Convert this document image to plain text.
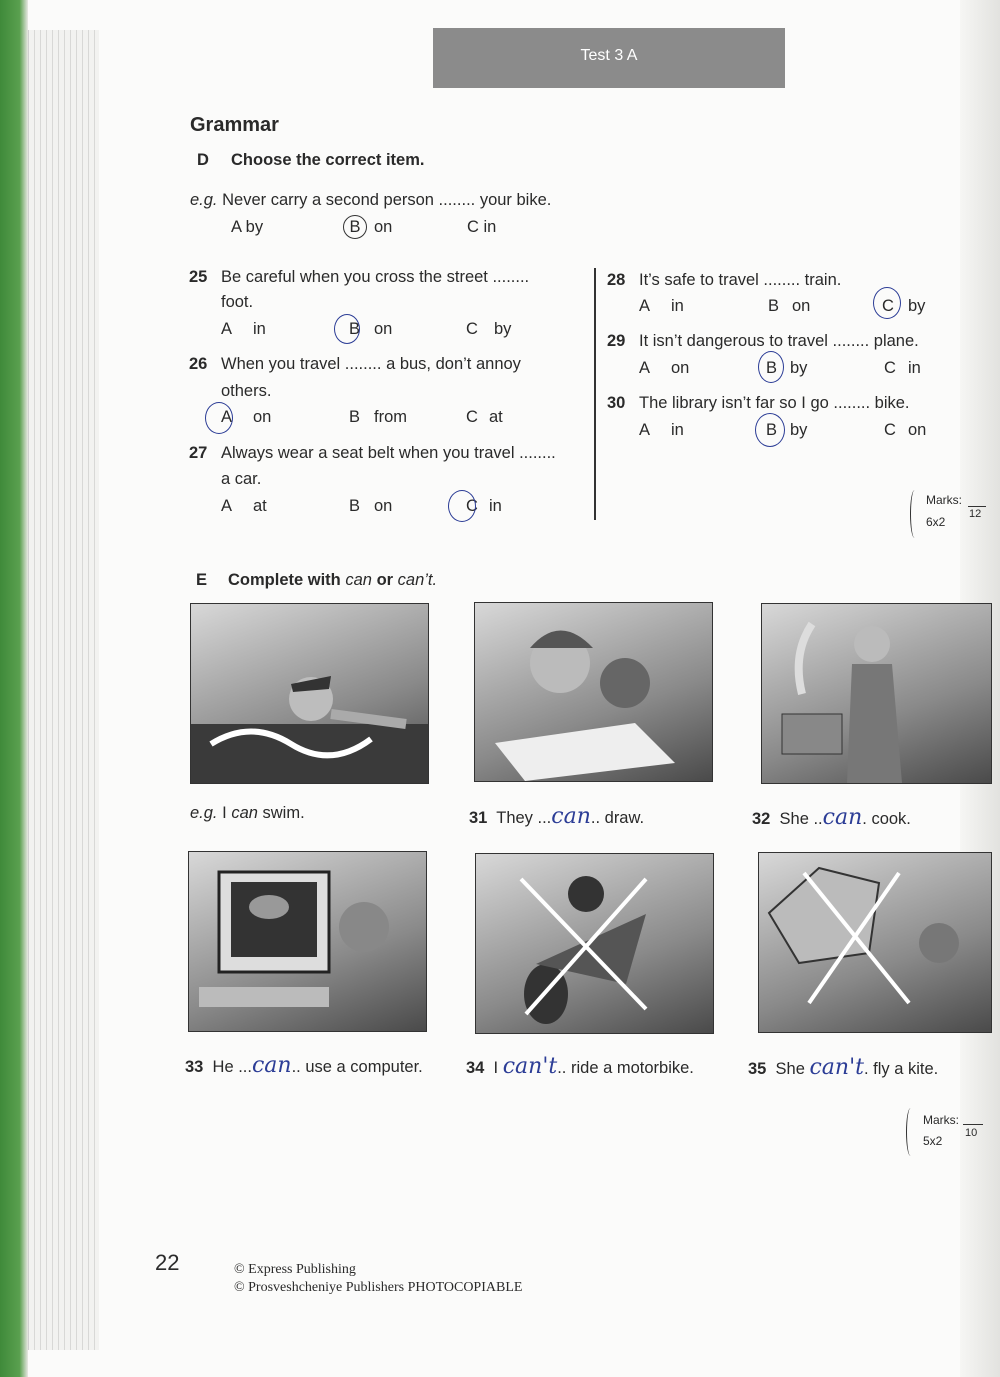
Test 3 A
Grammar
D Choose the correct item.
e.g. Never carry a second person ........ your bike.
A by	B on	C in
25 Be careful when you cross the street ........
foot.
A in	B on	C by
26 When you travel ........ a bus, don’t annoy
others.
A on	B from	C at
27 Always wear a seat belt when you travel ........
a car.
A at	B on	C in
28 It’s safe to travel ........ train.
A in	B on	C by
29 It isn’t dangerous to travel ........ plane.
A on	B by	C in
30 The library isn’t far so I go ........ bike.
A in	B by	C on
Marks:
6x2
12
E Complete with can or can’t.
e.g. I can swim.	31 They ...can.. draw.	32 She ..can. cook.
33 He ...can.. use a computer.	34 I can't.. ride a motorbike.	35 She can't. fly a kite.
Marks:
5x2
10
22	© Express Publishing
© Prosveshcheniye Publishers PHOTOCOPIABLE
